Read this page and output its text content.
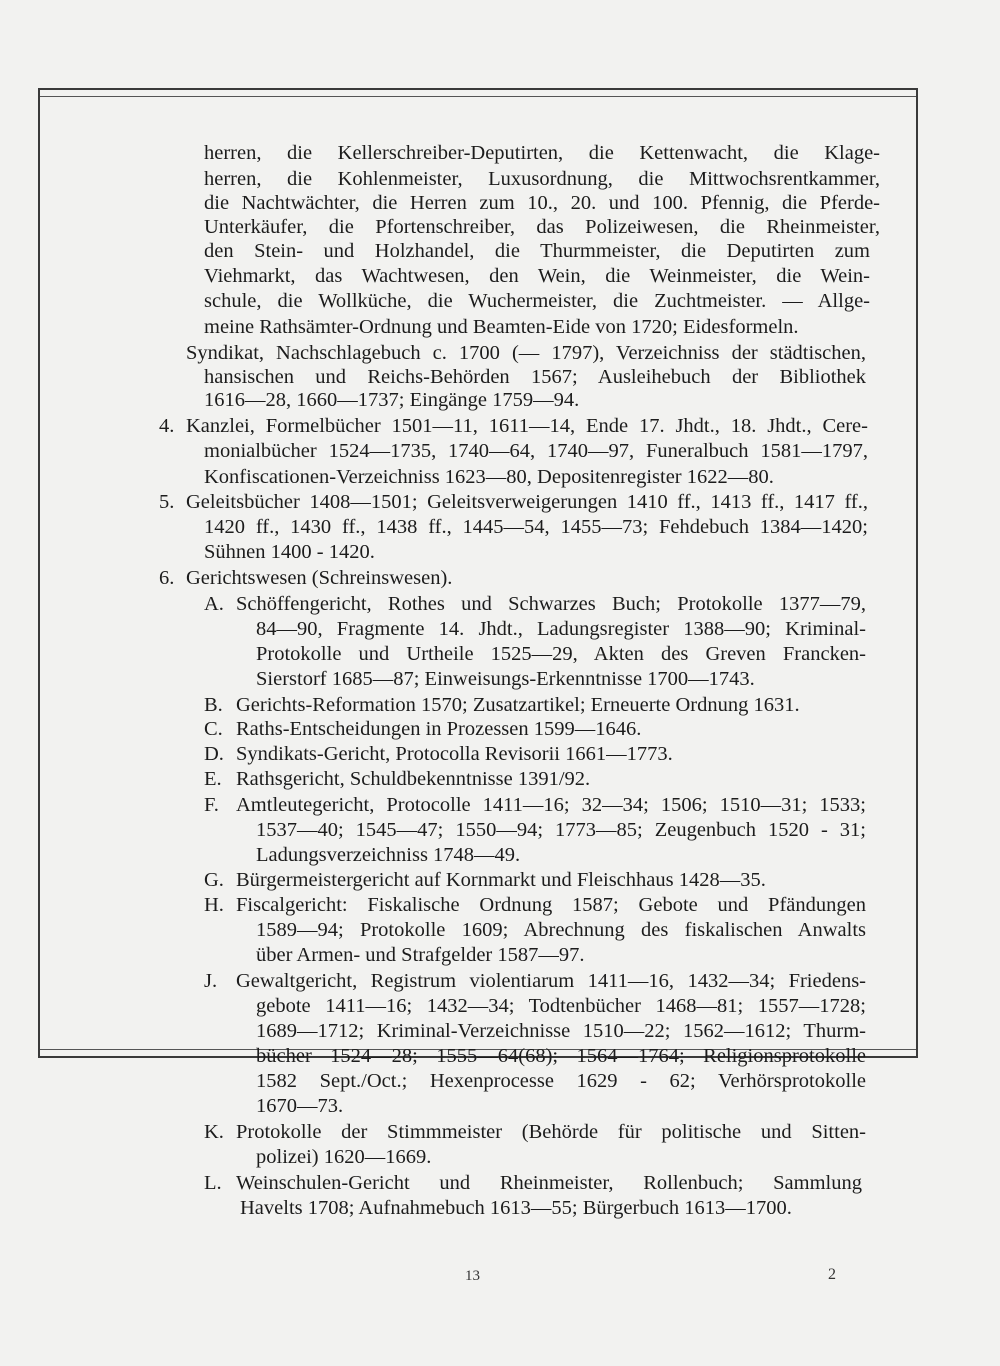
herren, die Kellerschreiber-Deputirten, die Kettenwacht, die Klage-
herren, die Kohlenmeister, Luxusordnung, die Mittwochsrentkammer,
die Nachtwächter, die Herren zum 10., 20. und 100. Pfennig, die Pferde-
Unterkäufer, die Pfortenschreiber, das Polizeiwesen, die Rheinmeister,
den Stein- und Holzhandel, die Thurmmeister, die Deputirten zum
Viehmarkt, das Wachtwesen, den Wein, die Weinmeister, die Wein-
schule, die Wollküche, die Wuchermeister, die Zuchtmeister. — Allge-
meine Rathsämter-Ordnung und Beamten-Eide von 1720; Eidesformeln.
Syndikat, Nachschlagebuch c. 1700 (— 1797), Verzeichniss der städtischen,
hansischen und Reichs-Behörden 1567; Ausleihebuch der Bibliothek
1616—28, 1660—1737; Eingänge 1759—94.
4. Kanzlei, Formelbücher 1501—11, 1611—14, Ende 17. Jhdt., 18. Jhdt., Cere-
monialbücher 1524—1735, 1740—64, 1740—97, Funeralbuch 1581—1797,
Konfiscationen-Verzeichniss 1623—80, Depositenregister 1622—80.
5. Geleitsbücher 1408—1501; Geleitsverweigerungen 1410 ff., 1413 ff., 1417 ff.,
1420 ff., 1430 ff., 1438 ff., 1445—54, 1455—73; Fehdebuch 1384—1420;
Sühnen 1400 - 1420.
6. Gerichtswesen (Schreinswesen).
A. Schöffengericht, Rothes und Schwarzes Buch; Protokolle 1377—79,
84—90, Fragmente 14. Jhdt., Ladungsregister 1388—90; Kriminal-
Protokolle und Urtheile 1525—29, Akten des Greven Francken-
Sierstorf 1685—87; Einweisungs-Erkenntnisse 1700—1743.
B. Gerichts-Reformation 1570; Zusatzartikel; Erneuerte Ordnung 1631.
C. Raths-Entscheidungen in Prozessen 1599—1646.
D. Syndikats-Gericht, Protocolla Revisorii 1661—1773.
E. Rathsgericht, Schuldbekenntnisse 1391/92.
F. Amtleutegericht, Protocolle 1411—16; 32—34; 1506; 1510—31; 1533;
1537—40; 1545—47; 1550—94; 1773—85; Zeugenbuch 1520 - 31;
Ladungsverzeichniss 1748—49.
G. Bürgermeistergericht auf Kornmarkt und Fleischhaus 1428—35.
H. Fiscalgericht: Fiskalische Ordnung 1587; Gebote und Pfändungen
1589—94; Protokolle 1609; Abrechnung des fiskalischen Anwalts
über Armen- und Strafgelder 1587—97.
J. Gewaltgericht, Registrum violentiarum 1411—16, 1432—34; Friedens-
gebote 1411—16; 1432—34; Todtenbücher 1468—81; 1557—1728;
1689—1712; Kriminal-Verzeichnisse 1510—22; 1562—1612; Thurm-
bücher 1524—28; 1555—64(68); 1564—1764; Religionsprotokolle
1582 Sept./Oct.; Hexenprocesse 1629 - 62; Verhörsprotokolle
1670—73.
K. Protokolle der Stimmmeister (Behörde für politische und Sitten-
polizei) 1620—1669.
L. Weinschulen-Gericht und Rheinmeister, Rollenbuch; Sammlung
Havelts 1708; Aufnahmebuch 1613—55; Bürgerbuch 1613—1700.
13	2
